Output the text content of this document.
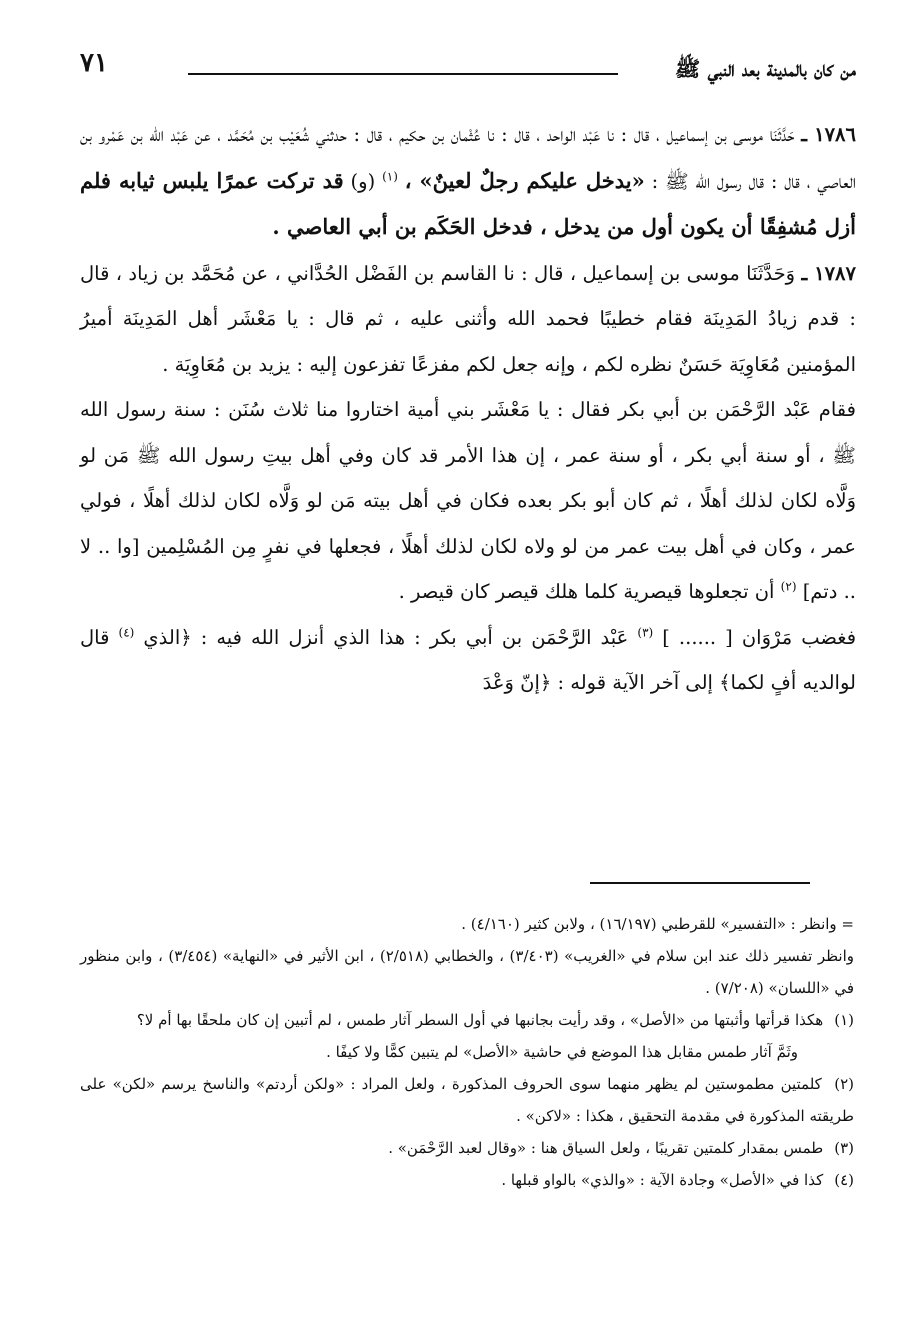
من كان بالمدينة بعد النبي ﷺ
٧١

١٧٨٦ ـ حَدَّثَنَا موسى بن إسماعيل ، قال : نا عَبْد الواحد ، قال : نا عُثْمان بن حكيم ، قال : حدثني شُعَيْب بن مُحَمَّد ، عن عَبْد الله بن عَمْرو بن العاصي ، قال : قال رسول الله ﷺ : «يدخل عليكم رجلٌ لعينٌ» ، $^{(١)}$ (و) قد تركت عمرًا يلبس ثيابه فلم أزل مُشفِقًا أن يكون أول من يدخل ، فدخل الحَكَم بن أبي العاصي .

١٧٨٧ ـ وَحَدَّثَنَا موسى بن إسماعيل ، قال : نا القاسم بن الفَضْل الحُدَّاني ، عن مُحَمَّد بن زياد ، قال : قدم زيادُ المَدِينَة فقام خطيبًا فحمد الله وأثنى عليه ، ثم قال : يا مَعْشَر أهل المَدِينَة أميرُ المؤمنين مُعَاوِيَة حَسَنٌ نظره لكم ، وإنه جعل لكم مفزعًا تفزعون إليه : يزيد بن مُعَاوِيَة .

فقام عَبْد الرَّحْمَن بن أبي بكر فقال : يا مَعْشَر بني أمية اختاروا منا ثلاث سُنَن : سنة رسول الله ﷺ ، أو سنة أبي بكر ، أو سنة عمر ، إن هذا الأمر قد كان وفي أهل بيتِ رسول الله ﷺ مَن لو وَلَّاه لكان لذلك أهلًا ، ثم كان أبو بكر بعده فكان في أهل بيته مَن لو وَلَّاه لكان لذلك أهلًا ، فولي عمر ، وكان في أهل بيت عمر من لو ولاه لكان لذلك أهلًا ، فجعلها في نفرٍ مِن المُسْلِمين [وا .. لا .. دتم] $^{(٢)}$ أن تجعلوها قيصرية كلما هلك قيصر كان قيصر .

فغضب مَرْوَان [ ...... ] $^{(٣)}$ عَبْد الرَّحْمَن بن أبي بكر : هذا الذي أنزل الله فيه : ﴿الذي $^{(٤)}$ قال لوالديه أفٍ لكما﴾ إلى آخر الآية قوله : ﴿إنّ وَعْدَ

= وانظر : «التفسير» للقرطبي (١٦/١٩٧) ، ولابن كثير (٤/١٦٠) .

وانظر تفسير ذلك عند ابن سلام في «الغريب» (٣/٤٠٣) ، والخطابي (٢/٥١٨) ، ابن الأثير في «النهاية» (٣/٤٥٤) ، وابن منظور في «اللسان» (٧/٢٠٨) .

(١) هكذا قرأتها وأثبتها من «الأصل» ، وقد رأيت بجانبها في أول السطر آثار طمس ، لم أتبين إن كان ملحقًا بها أم لا؟

وثَمَّ آثار طمس مقابل هذا الموضع في حاشية «الأصل» لم يتبين كمًّا ولا كيفًا .

(٢) كلمتين مطموستين لم يظهر منهما سوى الحروف المذكورة ، ولعل المراد : «ولكن أردتم» والناسخ يرسم «لكن» على طريقته المذكورة في مقدمة التحقيق ، هكذا : «لاكن» .

(٣) طمس بمقدار كلمتين تقريبًا ، ولعل السياق هنا : «وقال لعبد الرَّحْمَن» .

(٤) كذا في «الأصل» وجادة الآية : «والذي» بالواو قبلها .
